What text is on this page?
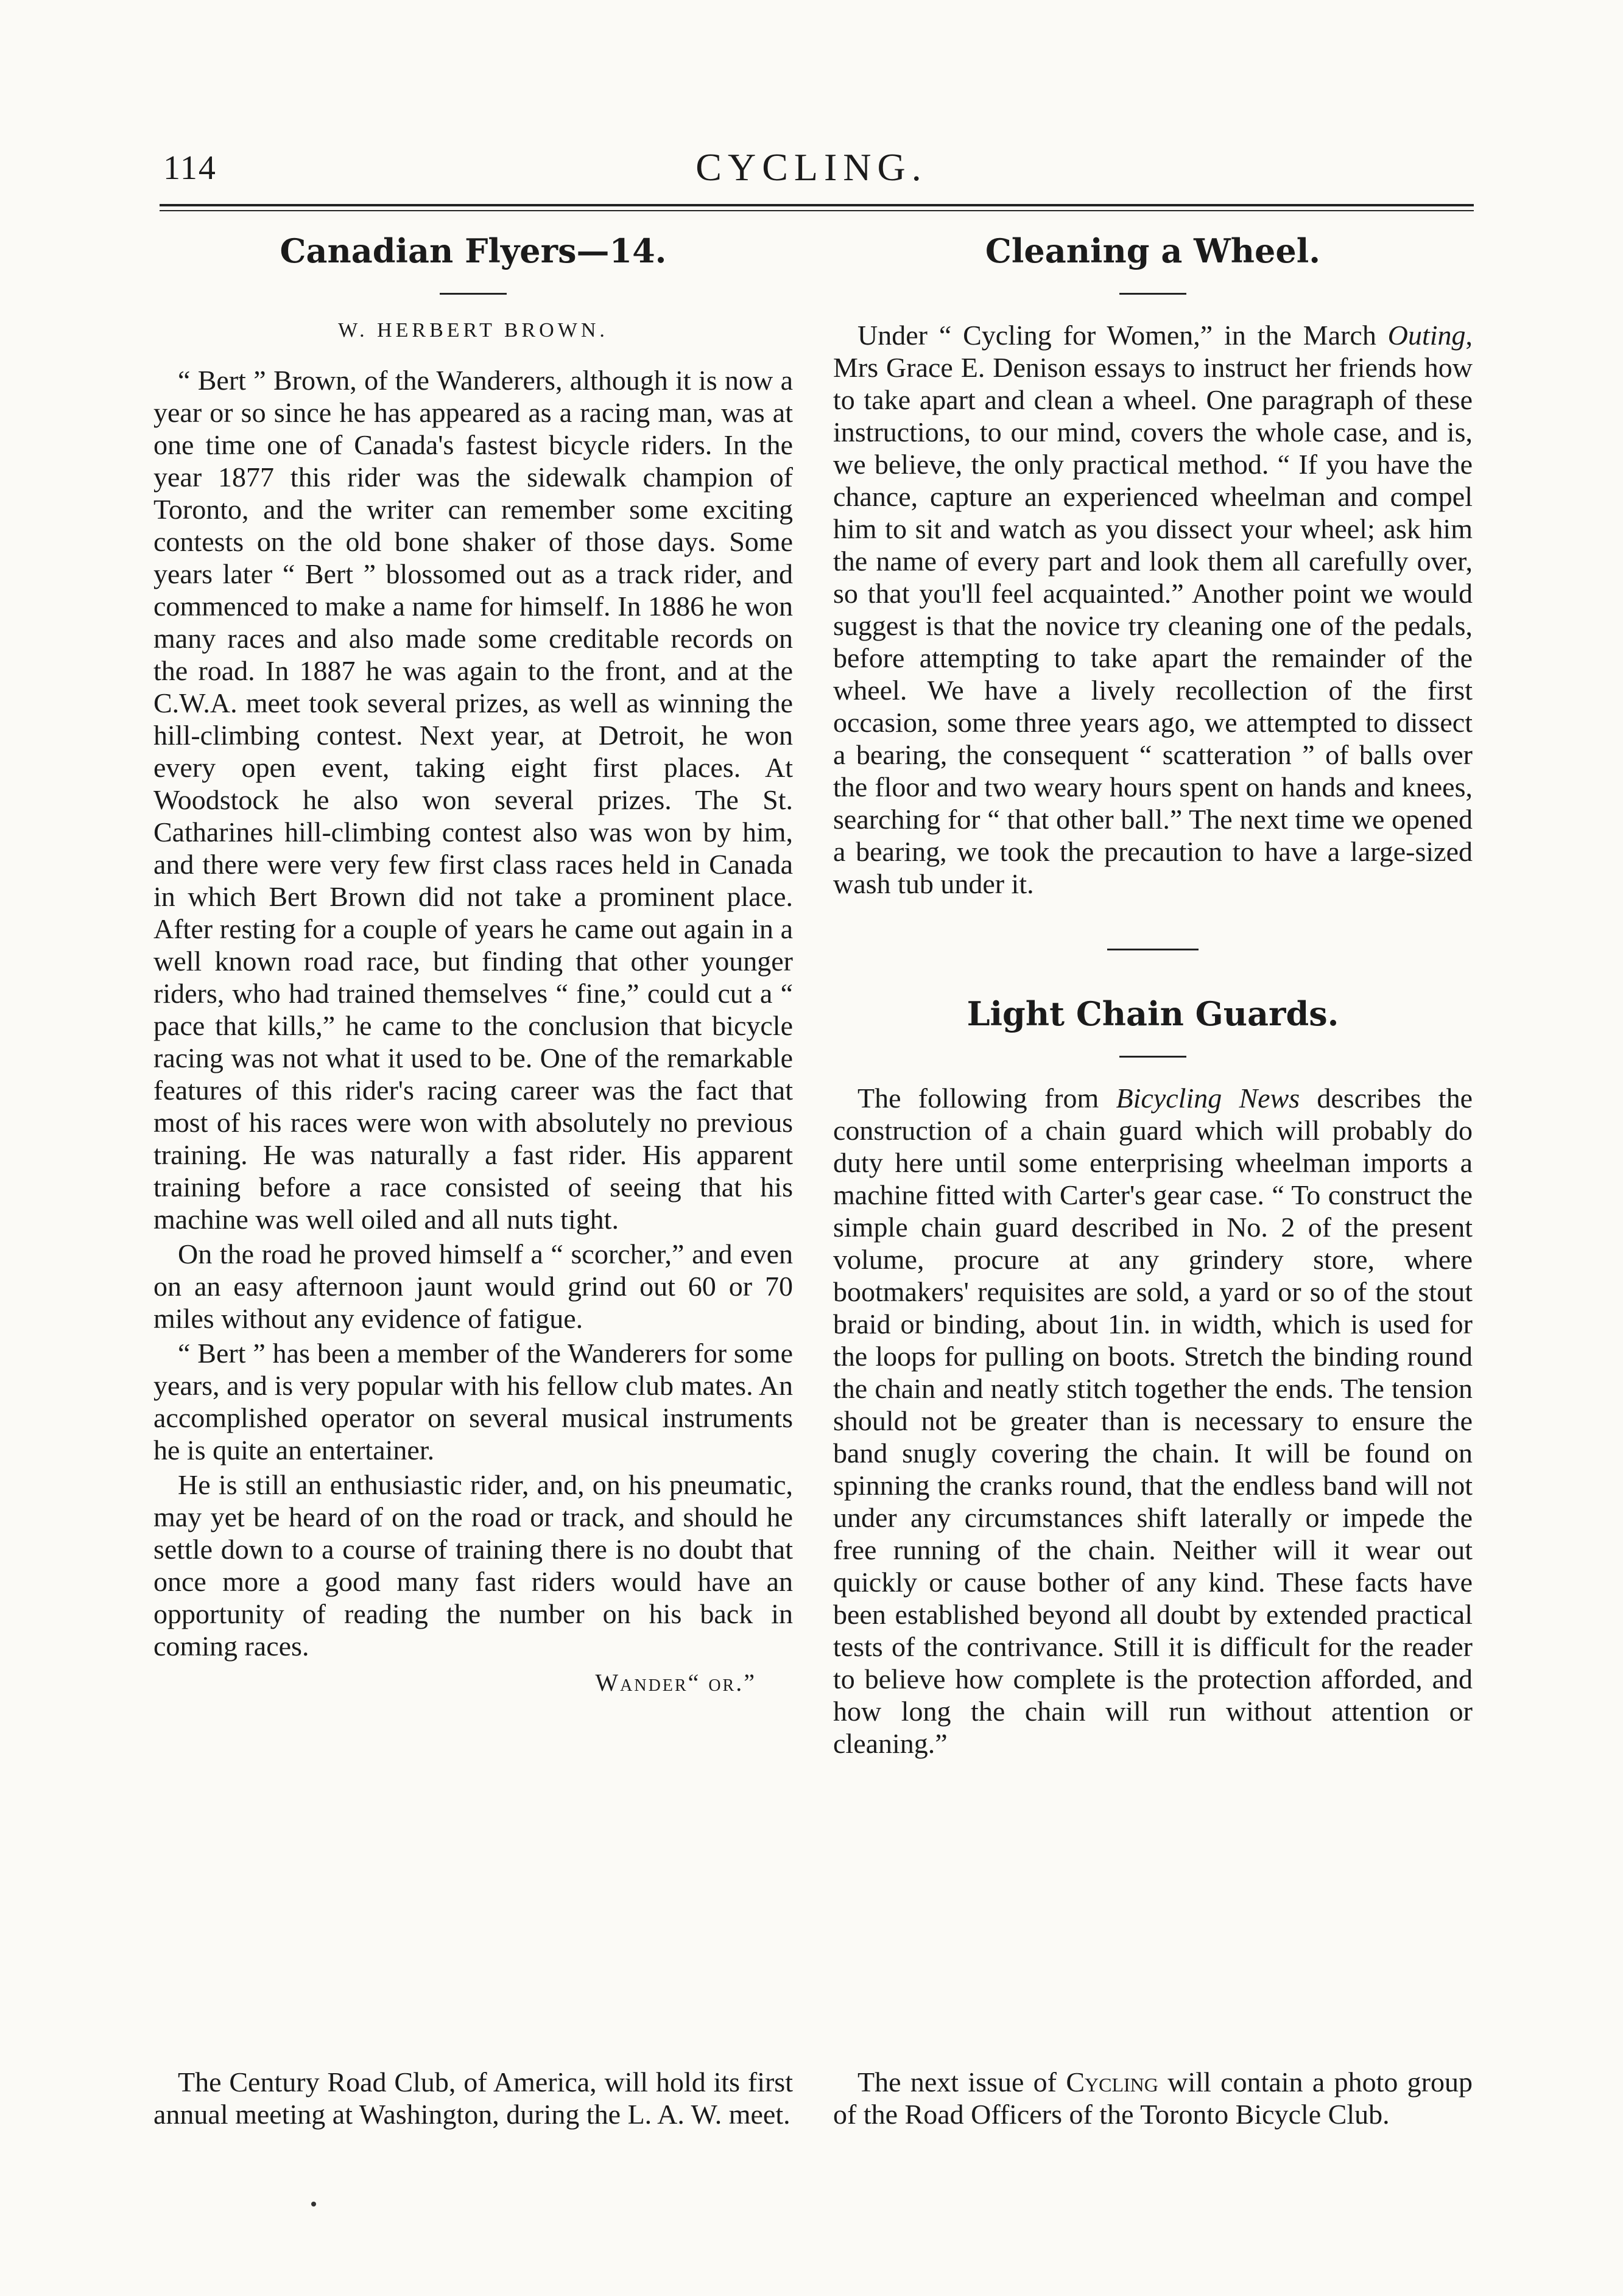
114	CYCLING.
Canadian Flyers—14.

W. HERBERT BROWN.

“ Bert ” Brown, of the Wanderers, although it is now a year or so since he has appeared as a racing man, was at one time one of Canada's fastest bicycle riders. In the year 1877 this rider was the sidewalk champion of Toronto, and the writer can remember some exciting contests on the old bone shaker of those days. Some years later “ Bert ” blossomed out as a track rider, and commenced to make a name for himself. In 1886 he won many races and also made some creditable records on the road. In 1887 he was again to the front, and at the C.W.A. meet took several prizes, as well as winning the hill-climbing contest. Next year, at Detroit, he won every open event, taking eight first places. At Woodstock he also won several prizes. The St. Catharines hill-climbing contest also was won by him, and there were very few first class races held in Canada in which Bert Brown did not take a prominent place. After resting for a couple of years he came out again in a well known road race, but finding that other younger riders, who had trained themselves “ fine,” could cut a “ pace that kills,” he came to the conclusion that bicycle racing was not what it used to be. One of the remarkable features of this rider's racing career was the fact that most of his races were won with absolutely no previous training. He was naturally a fast rider. His apparent training before a race consisted of seeing that his machine was well oiled and all nuts tight.

On the road he proved himself a “ scorcher,” and even on an easy afternoon jaunt would grind out 60 or 70 miles without any evidence of fatigue.

“ Bert ” has been a member of the Wanderers for some years, and is very popular with his fellow club mates. An accomplished operator on several musical instruments he is quite an entertainer.

He is still an enthusiastic rider, and, on his pneumatic, may yet be heard of on the road or track, and should he settle down to a course of training there is no doubt that once more a good many fast riders would have an opportunity of reading the number on his back in coming races.

Wander“ or.”

Cleaning a Wheel.

Under “ Cycling for Women,” in the March Outing, Mrs Grace E. Denison essays to instruct her friends how to take apart and clean a wheel. One paragraph of these instructions, to our mind, covers the whole case, and is, we believe, the only practical method. “ If you have the chance, capture an experienced wheelman and compel him to sit and watch as you dissect your wheel; ask him the name of every part and look them all carefully over, so that you'll feel acquainted.” Another point we would suggest is that the novice try cleaning one of the pedals, before attempting to take apart the remainder of the wheel. We have a lively recollection of the first occasion, some three years ago, we attempted to dissect a bearing, the consequent “ scatteration ” of balls over the floor and two weary hours spent on hands and knees, searching for “ that other ball.” The next time we opened a bearing, we took the precaution to have a large-sized wash tub under it.

Light Chain Guards.

The following from Bicycling News describes the construction of a chain guard which will probably do duty here until some enterprising wheelman imports a machine fitted with Carter's gear case. “ To construct the simple chain guard described in No. 2 of the present volume, procure at any grindery store, where bootmakers' requisites are sold, a yard or so of the stout braid or binding, about 1in. in width, which is used for the loops for pulling on boots. Stretch the binding round the chain and neatly stitch together the ends. The tension should not be greater than is necessary to ensure the band snugly covering the chain. It will be found on spinning the cranks round, that the endless band will not under any circumstances shift laterally or impede the free running of the chain. Neither will it wear out quickly or cause bother of any kind. These facts have been established beyond all doubt by extended practical tests of the contrivance. Still it is difficult for the reader to believe how complete is the protection afforded, and how long the chain will run without attention or cleaning.”

The Century Road Club, of America, will hold its first annual meeting at Washington, during the L. A. W. meet.

The next issue of Cycling will contain a photo group of the Road Officers of the Toronto Bicycle Club.
